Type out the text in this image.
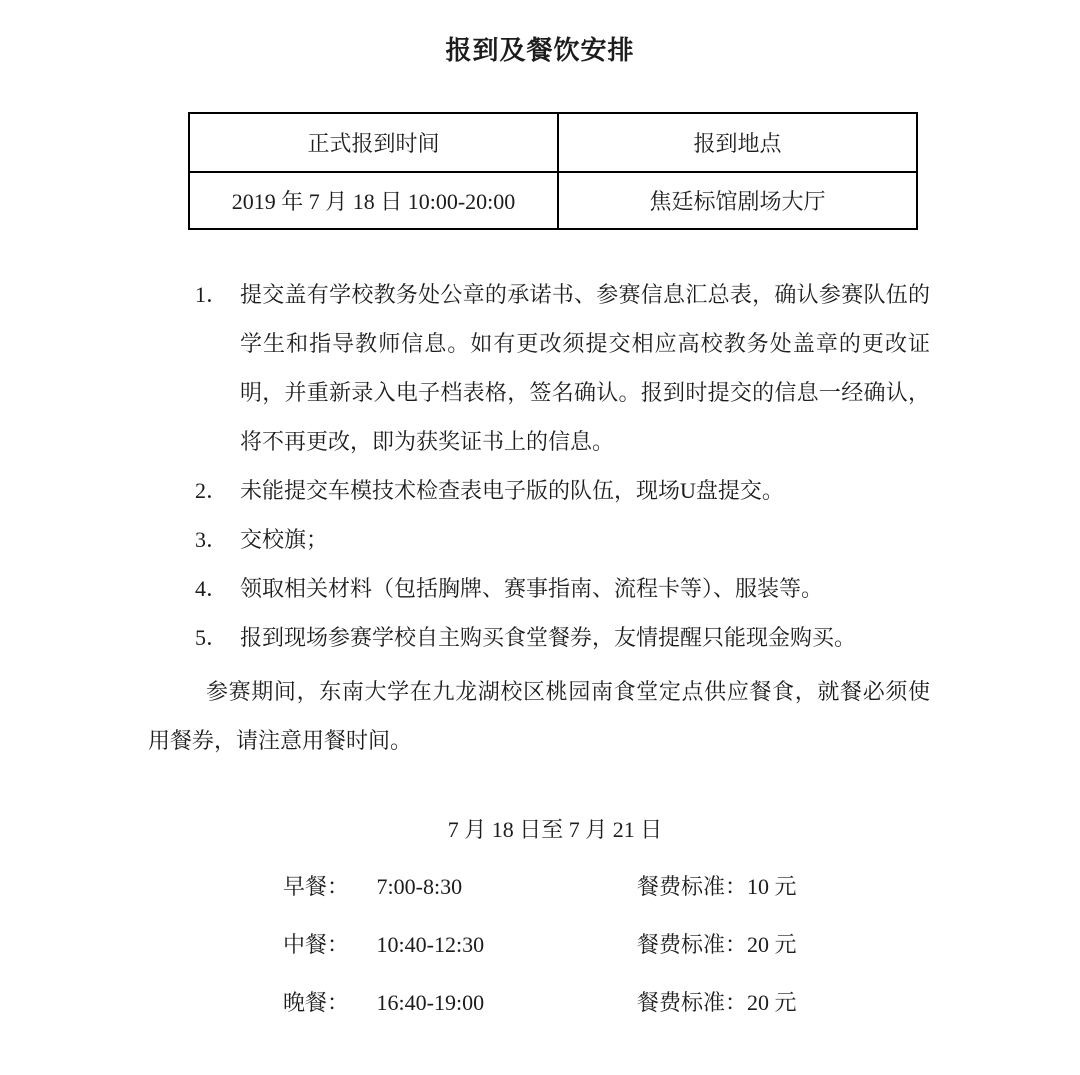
报到及餐饮安排
正式报到时间	报到地点
2019 年 7 月 18 日 10:00-20:00	焦廷标馆剧场大厅
1． 提交盖有学校教务处公章的承诺书、参赛信息汇总表，确认参赛队伍的学生和指导教师信息。如有更改须提交相应高校教务处盖章的更改证明，并重新录入电子档表格，签名确认。报到时提交的信息一经确认，将不再更改，即为获奖证书上的信息。
2． 未能提交车模技术检查表电子版的队伍，现场U盘提交。
3． 交校旗；
4． 领取相关材料（包括胸牌、赛事指南、流程卡等）、服装等。
5． 报到现场参赛学校自主购买食堂餐券，友情提醒只能现金购买。
参赛期间，东南大学在九龙湖校区桃园南食堂定点供应餐食，就餐必须使用餐券，请注意用餐时间。
7 月 18 日至 7 月 21 日
早餐： 7:00-8:30	餐费标准：10 元
中餐： 10:40-12:30	餐费标准：20 元
晚餐： 16:40-19:00	餐费标准：20 元
